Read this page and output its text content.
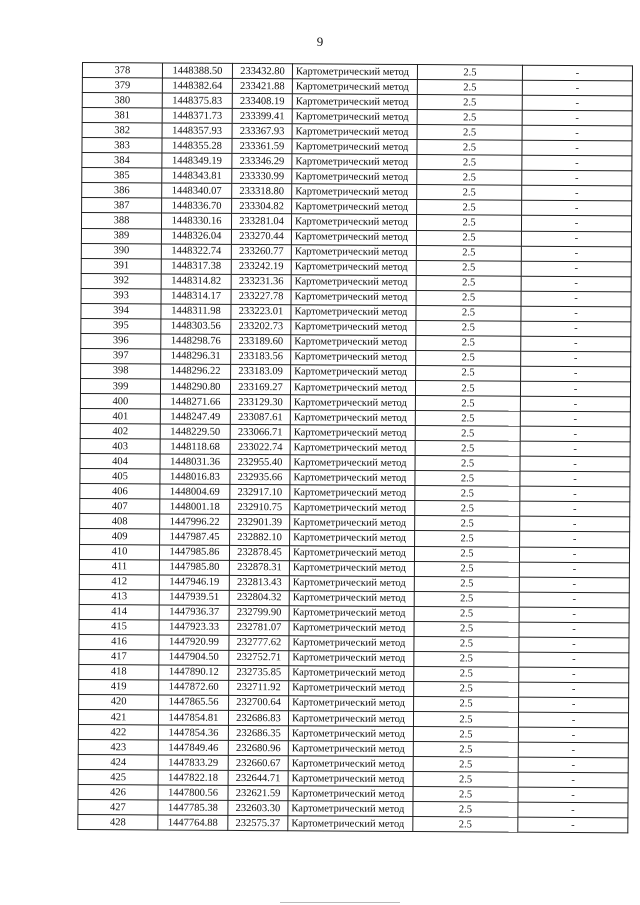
9
378	1448388.50	233432.80	Картометрический метод	2.5	-
379	1448382.64	233421.88	Картометрический метод	2.5	-
380	1448375.83	233408.19	Картометрический метод	2.5	-
381	1448371.73	233399.41	Картометрический метод	2.5	-
382	1448357.93	233367.93	Картометрический метод	2.5	-
383	1448355.28	233361.59	Картометрический метод	2.5	-
384	1448349.19	233346.29	Картометрический метод	2.5	-
385	1448343.81	233330.99	Картометрический метод	2.5	-
386	1448340.07	233318.80	Картометрический метод	2.5	-
387	1448336.70	233304.82	Картометрический метод	2.5	-
388	1448330.16	233281.04	Картометрический метод	2.5	-
389	1448326.04	233270.44	Картометрический метод	2.5	-
390	1448322.74	233260.77	Картометрический метод	2.5	-
391	1448317.38	233242.19	Картометрический метод	2.5	-
392	1448314.82	233231.36	Картометрический метод	2.5	-
393	1448314.17	233227.78	Картометрический метод	2.5	-
394	1448311.98	233223.01	Картометрический метод	2.5	-
395	1448303.56	233202.73	Картометрический метод	2.5	-
396	1448298.76	233189.60	Картометрический метод	2.5	-
397	1448296.31	233183.56	Картометрический метод	2.5	-
398	1448296.22	233183.09	Картометрический метод	2.5	-
399	1448290.80	233169.27	Картометрический метод	2.5	-
400	1448271.66	233129.30	Картометрический метод	2.5	-
401	1448247.49	233087.61	Картометрический метод	2.5	-
402	1448229.50	233066.71	Картометрический метод	2.5	-
403	1448118.68	233022.74	Картометрический метод	2.5	-
404	1448031.36	232955.40	Картометрический метод	2.5	-
405	1448016.83	232935.66	Картометрический метод	2.5	-
406	1448004.69	232917.10	Картометрический метод	2.5	-
407	1448001.18	232910.75	Картометрический метод	2.5	-
408	1447996.22	232901.39	Картометрический метод	2.5	-
409	1447987.45	232882.10	Картометрический метод	2.5	-
410	1447985.86	232878.45	Картометрический метод	2.5	-
411	1447985.80	232878.31	Картометрический метод	2.5	-
412	1447946.19	232813.43	Картометрический метод	2.5	-
413	1447939.51	232804.32	Картометрический метод	2.5	-
414	1447936.37	232799.90	Картометрический метод	2.5	-
415	1447923.33	232781.07	Картометрический метод	2.5	-
416	1447920.99	232777.62	Картометрический метод	2.5	-
417	1447904.50	232752.71	Картометрический метод	2.5	-
418	1447890.12	232735.85	Картометрический метод	2.5	-
419	1447872.60	232711.92	Картометрический метод	2.5	-
420	1447865.56	232700.64	Картометрический метод	2.5	-
421	1447854.81	232686.83	Картометрический метод	2.5	-
422	1447854.36	232686.35	Картометрический метод	2.5	-
423	1447849.46	232680.96	Картометрический метод	2.5	-
424	1447833.29	232660.67	Картометрический метод	2.5	-
425	1447822.18	232644.71	Картометрический метод	2.5	-
426	1447800.56	232621.59	Картометрический метод	2.5	-
427	1447785.38	232603.30	Картометрический метод	2.5	-
428	1447764.88	232575.37	Картометрический метод	2.5	-
